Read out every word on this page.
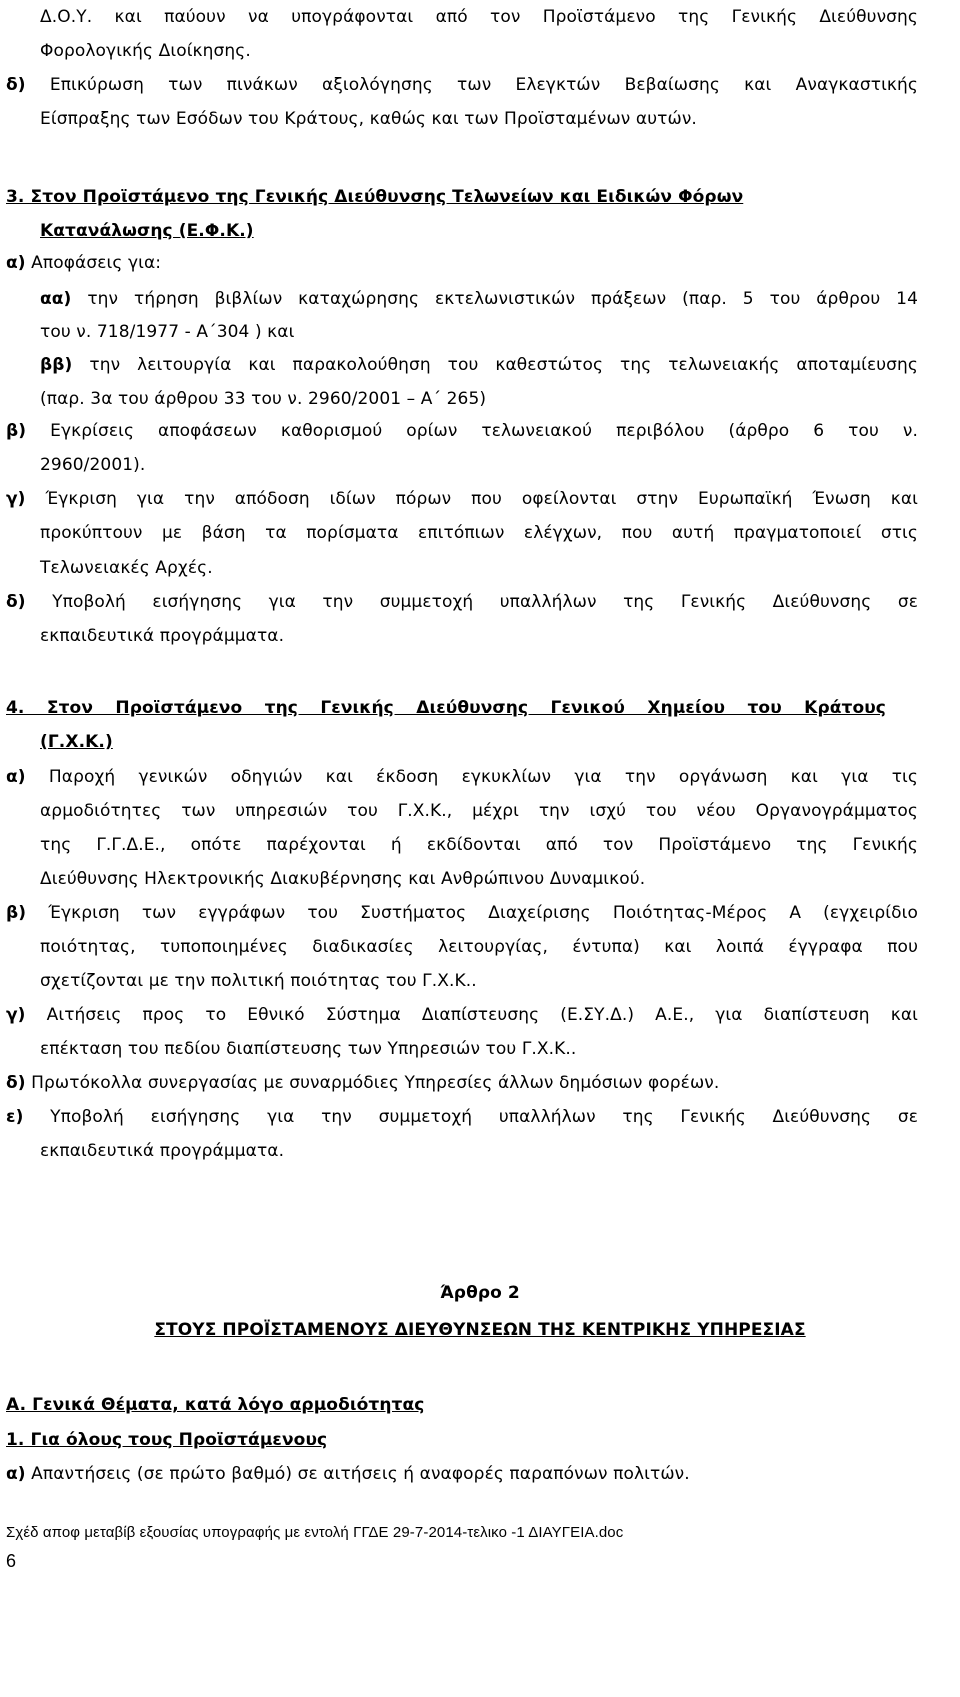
Δ.Ο.Υ. και παύουν να υπογράφονται από τον Προϊστάμενο της Γενικής Διεύθυνσης
Φορολογικής Διοίκησης.
δ) Επικύρωση των πινάκων αξιολόγησης των Ελεγκτών Βεβαίωσης και Αναγκαστικής
Είσπραξης των Εσόδων του Κράτους, καθώς και των Προϊσταμένων αυτών.
3. Στον Προϊστάμενο της Γενικής Διεύθυνσης Τελωνείων και Ειδικών Φόρων
Κατανάλωσης (Ε.Φ.Κ.)
α) Αποφάσεις για:
αα) την τήρηση βιβλίων καταχώρησης εκτελωνιστικών πράξεων (παρ. 5 του άρθρου 14
του ν. 718/1977 - Α΄304 ) και
ββ) την λειτουργία και παρακολούθηση του καθεστώτος της τελωνειακής αποταμίευσης
(παρ. 3α του άρθρου 33 του ν. 2960/2001 – Α΄ 265)
β) Εγκρίσεις αποφάσεων καθορισμού ορίων τελωνειακού περιβόλου (άρθρο 6 του ν.
2960/2001).
γ) Έγκριση για την απόδοση ιδίων πόρων που οφείλονται στην Ευρωπαϊκή Ένωση και
προκύπτουν με βάση τα πορίσματα επιτόπιων ελέγχων, που αυτή πραγματοποιεί στις
Τελωνειακές Αρχές.
δ) Υποβολή εισήγησης για την συμμετοχή υπαλλήλων της Γενικής Διεύθυνσης σε
εκπαιδευτικά προγράμματα.
4. Στον Προϊστάμενο της Γενικής Διεύθυνσης Γενικού Χημείου του Κράτους
(Γ.Χ.Κ.)
α) Παροχή γενικών οδηγιών και έκδοση εγκυκλίων για την οργάνωση και για τις
αρμοδιότητες των υπηρεσιών του Γ.Χ.Κ., μέχρι την ισχύ του νέου Οργανογράμματος
της Γ.Γ.Δ.Ε., οπότε παρέχονται ή εκδίδονται από τον Προϊστάμενο της Γενικής
Διεύθυνσης Ηλεκτρονικής Διακυβέρνησης και Ανθρώπινου Δυναμικού.
β) Έγκριση των εγγράφων του Συστήματος Διαχείρισης Ποιότητας-Μέρος Α (εγχειρίδιο
ποιότητας, τυποποιημένες διαδικασίες λειτουργίας, έντυπα) και λοιπά έγγραφα που
σχετίζονται με την πολιτική ποιότητας του Γ.Χ.Κ..
γ) Αιτήσεις προς το Εθνικό Σύστημα Διαπίστευσης (Ε.ΣΥ.Δ.) Α.Ε., για διαπίστευση και
επέκταση του πεδίου διαπίστευσης των Υπηρεσιών του Γ.Χ.Κ..
δ) Πρωτόκολλα συνεργασίας με συναρμόδιες Υπηρεσίες άλλων δημόσιων φορέων.
ε) Υποβολή εισήγησης για την συμμετοχή υπαλλήλων της Γενικής Διεύθυνσης σε
εκπαιδευτικά προγράμματα.
Άρθρο 2
ΣΤΟΥΣ ΠΡΟΪΣΤΑΜΕΝΟΥΣ ΔΙΕΥΘΥΝΣΕΩΝ ΤΗΣ ΚΕΝΤΡΙΚΗΣ ΥΠΗΡΕΣΙΑΣ
A. Γενικά Θέματα, κατά λόγο αρμοδιότητας
1. Για όλους τους Προϊστάμενους
α) Απαντήσεις (σε πρώτο βαθμό) σε αιτήσεις ή αναφορές παραπόνων πολιτών.
Σχέδ αποφ μεταβίβ εξουσίας υπογραφής με εντολή ΓΓΔΕ 29-7-2014-τελικο -1 ΔΙΑΥΓΕΙΑ.doc
6
